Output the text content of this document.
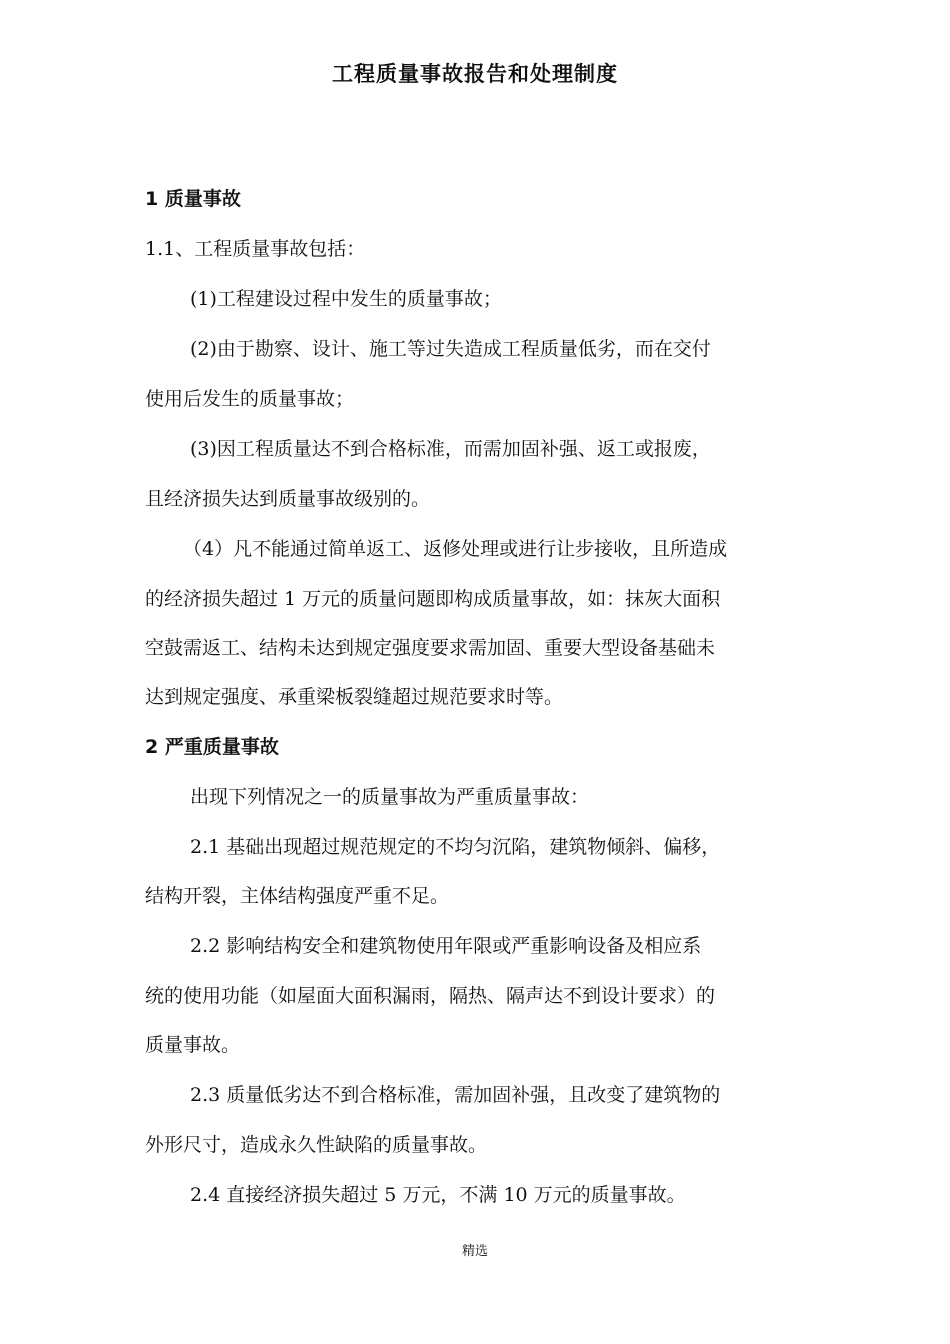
工程质量事故报告和处理制度
1 质量事故
1.1、工程质量事故包括：
(1)工程建设过程中发生的质量事故；
(2)由于勘察、设计、施工等过失造成工程质量低劣，而在交付
使用后发生的质量事故；
(3)因工程质量达不到合格标准，而需加固补强、返工或报废，
且经济损失达到质量事故级别的。
（4）凡不能通过简单返工、返修处理或进行让步接收，且所造成
的经济损失超过 1 万元的质量问题即构成质量事故，如：抹灰大面积
空鼓需返工、结构未达到规定强度要求需加固、重要大型设备基础未
达到规定强度、承重梁板裂缝超过规范要求时等。
2 严重质量事故
出现下列情况之一的质量事故为严重质量事故：
2.1 基础出现超过规范规定的不均匀沉陷，建筑物倾斜、偏移，
结构开裂，主体结构强度严重不足。
2.2 影响结构安全和建筑物使用年限或严重影响设备及相应系
统的使用功能（如屋面大面积漏雨，隔热、隔声达不到设计要求）的
质量事故。
2.3 质量低劣达不到合格标准，需加固补强，且改变了建筑物的
外形尺寸，造成永久性缺陷的质量事故。
2.4 直接经济损失超过 5 万元，不满 10 万元的质量事故。
精选
